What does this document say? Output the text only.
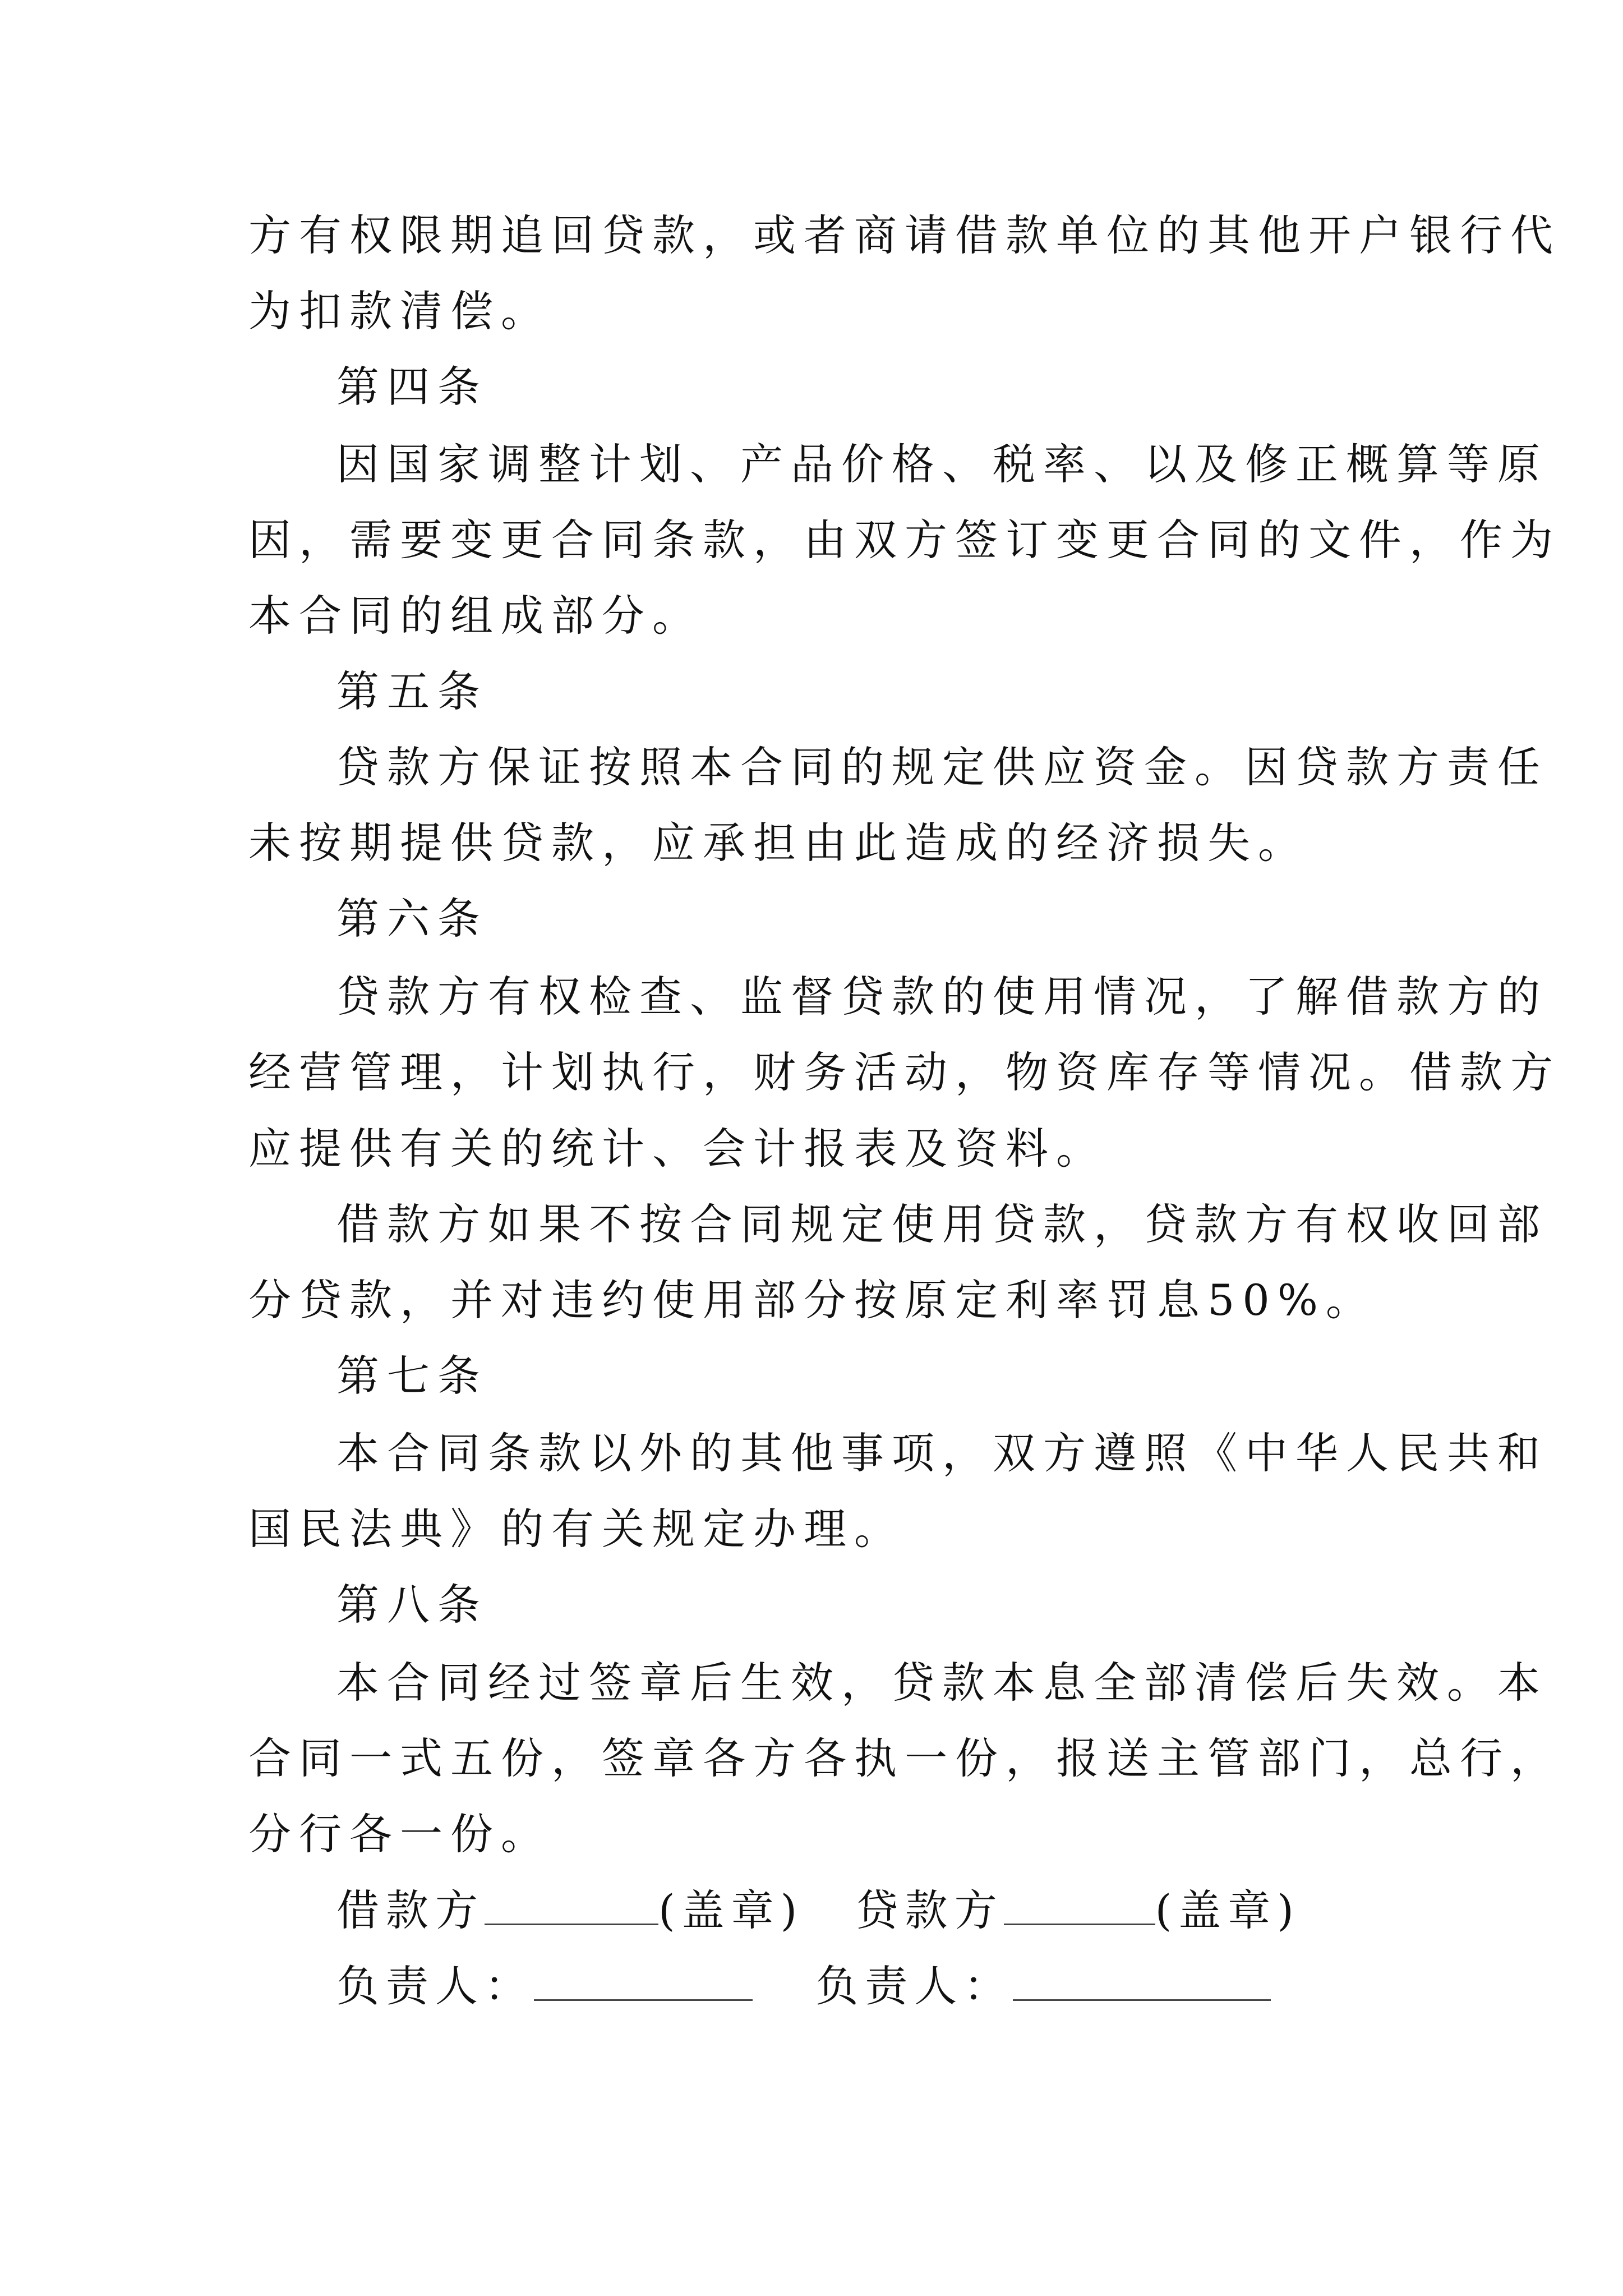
方有权限期追回贷款，或者商请借款单位的其他开户银行代
为扣款清偿。
第四条
因国家调整计划、产品价格、税率、以及修正概算等原
因，需要变更合同条款，由双方签订变更合同的文件，作为
本合同的组成部分。
第五条
贷款方保证按照本合同的规定供应资金。因贷款方责任
未按期提供贷款，应承担由此造成的经济损失。
第六条
贷款方有权检查、监督贷款的使用情况，了解借款方的
经营管理，计划执行，财务活动，物资库存等情况。借款方
应提供有关的统计、会计报表及资料。
借款方如果不按合同规定使用贷款，贷款方有权收回部
分贷款，并对违约使用部分按原定利率罚息50%。
第七条
本合同条款以外的其他事项，双方遵照《中华人民共和
国民法典》的有关规定办理。
第八条
本合同经过签章后生效，贷款本息全部清偿后失效。本
合同一式五份，签章各方各执一份，报送主管部门，总行，
分行各一份。
借款方	(盖章) 贷款方	(盖章)
负责人：	负责人：
